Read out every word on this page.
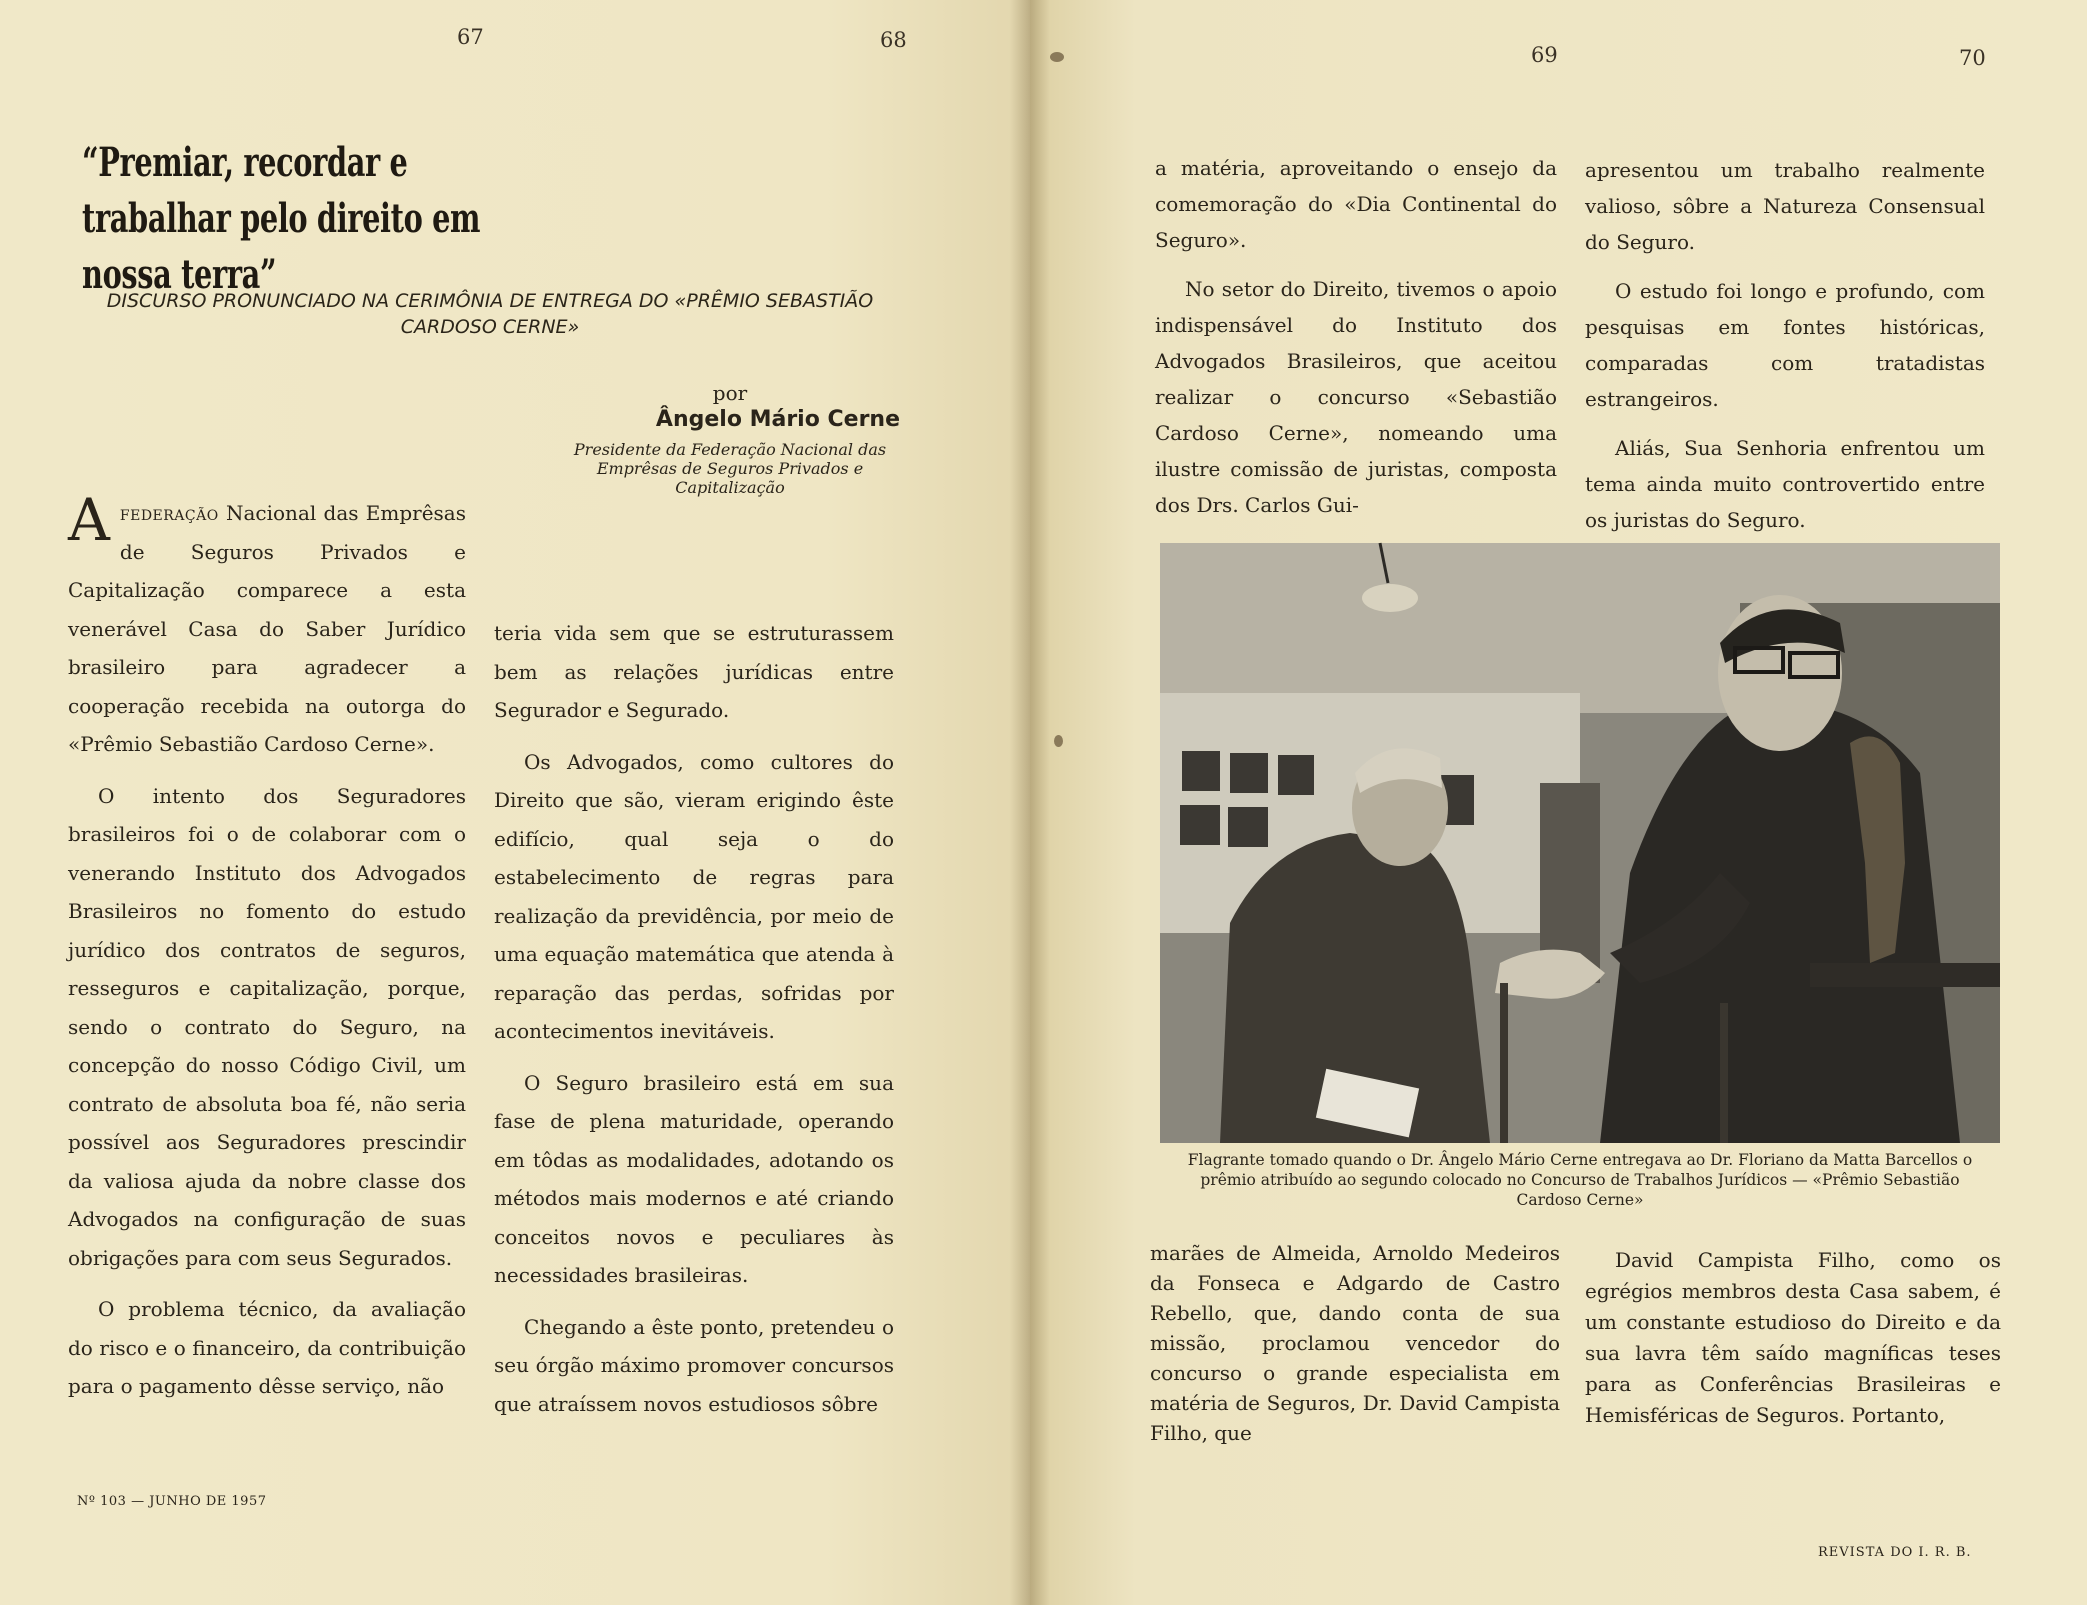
67	68
69	70
“Premiar, recordar e trabalhar pelo direito em nossa terra”
DISCURSO PRONUNCIADO NA CERIMÔNIA DE ENTREGA DO «PRÊMIO SEBASTIÃO CARDOSO CERNE»
por
Ângelo Mário Cerne
Presidente da Federação Nacional das Emprêsas de Seguros Privados e Capitalização

Afederação Nacional das Emprêsas de Seguros Privados e Capitalização comparece a esta venerável Casa do Saber Jurídico brasileiro para agradecer a cooperação recebida na outorga do «Prêmio Sebastião Cardoso Cerne».

O intento dos Seguradores brasileiros foi o de colaborar com o venerando Instituto dos Advogados Brasileiros no fomento do estudo jurídico dos contratos de seguros, resseguros e capitalização, porque, sendo o contrato do Seguro, na concepção do nosso Código Civil, um contrato de absoluta boa fé, não seria possível aos Seguradores prescindir da valiosa ajuda da nobre classe dos Advogados na configuração de suas obrigações para com seus Segurados.

O problema técnico, da avaliação do risco e o financeiro, da contribuição para o pagamento dêsse serviço, não

teria vida sem que se estruturassem bem as relações jurídicas entre Segurador e Segurado.

Os Advogados, como cultores do Direito que são, vieram erigindo êste edifício, qual seja o do estabelecimento de regras para realização da previdência, por meio de uma equação matemática que atenda à reparação das perdas, sofridas por acontecimentos inevitáveis.

O Seguro brasileiro está em sua fase de plena maturidade, operando em tôdas as modalidades, adotando os métodos mais modernos e até criando conceitos novos e peculiares às necessidades brasileiras.

Chegando a êste ponto, pretendeu o seu órgão máximo promover concursos que atraíssem novos estudiosos sôbre

a matéria, aproveitando o ensejo da comemoração do «Dia Continental do Seguro».

No setor do Direito, tivemos o apoio indispensável do Instituto dos Advogados Brasileiros, que aceitou realizar o concurso «Sebastião Cardoso Cerne», nomeando uma ilustre comissão de juristas, composta dos Drs. Carlos Gui-

apresentou um trabalho realmente valioso, sôbre a Natureza Consensual do Seguro.

O estudo foi longo e profundo, com pesquisas em fontes históricas, comparadas com tratadistas estrangeiros.

Aliás, Sua Senhoria enfrentou um tema ainda muito controvertido entre os juristas do Seguro.

Flagrante tomado quando o Dr. Ângelo Mário Cerne entregava ao Dr. Floriano da Matta Barcellos o prêmio atribuído ao segundo colocado no Concurso de Trabalhos Jurídicos — «Prêmio Sebastião Cardoso Cerne»

marães de Almeida, Arnoldo Medeiros da Fonseca e Adgardo de Castro Rebello, que, dando conta de sua missão, proclamou vencedor do concurso o grande especialista em matéria de Seguros, Dr. David Campista Filho, que

David Campista Filho, como os egrégios membros desta Casa sabem, é um constante estudioso do Direito e da sua lavra têm saído magníficas teses para as Conferências Brasileiras e Hemisféricas de Seguros. Portanto,

Nº 103 — JUNHO DE 1957
REVISTA DO I. R. B.
